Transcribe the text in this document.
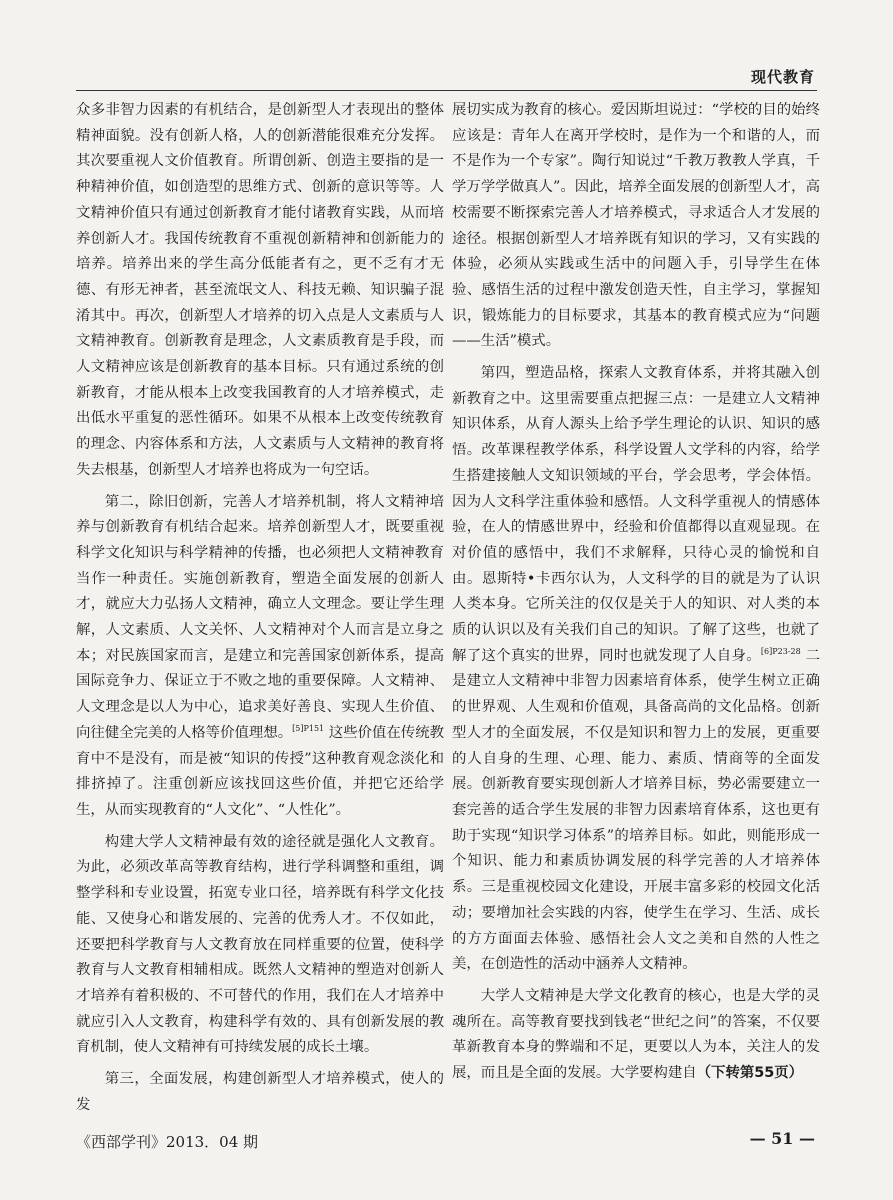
现代教育

众多非智力因素的有机结合，是创新型人才表现出的整体精神面貌。没有创新人格，人的创新潜能很难充分发挥。其次要重视人文价值教育。所谓创新、创造主要指的是一种精神价值，如创造型的思维方式、创新的意识等等。人文精神价值只有通过创新教育才能付诸教育实践，从而培养创新人才。我国传统教育不重视创新精神和创新能力的培养。培养出来的学生高分低能者有之，更不乏有才无德、有形无神者，甚至流氓文人、科技无赖、知识骗子混淆其中。再次，创新型人才培养的切入点是人文素质与人文精神教育。创新教育是理念，人文素质教育是手段，而人文精神应该是创新教育的基本目标。只有通过系统的创新教育，才能从根本上改变我国教育的人才培养模式，走出低水平重复的恶性循环。如果不从根本上改变传统教育的理念、内容体系和方法，人文素质与人文精神的教育将失去根基，创新型人才培养也将成为一句空话。

第二，除旧创新，完善人才培养机制，将人文精神培养与创新教育有机结合起来。培养创新型人才，既要重视科学文化知识与科学精神的传播，也必须把人文精神教育当作一种责任。实施创新教育，塑造全面发展的创新人才，就应大力弘扬人文精神，确立人文理念。要让学生理解，人文素质、人文关怀、人文精神对个人而言是立身之本；对民族国家而言，是建立和完善国家创新体系，提高国际竞争力、保证立于不败之地的重要保障。人文精神、人文理念是以人为中心，追求美好善良、实现人生价值、向往健全完美的人格等价值理想。$^{[5]P151}$ 这些价值在传统教育中不是没有，而是被“知识的传授”这种教育观念淡化和排挤掉了。注重创新应该找回这些价值，并把它还给学生，从而实现教育的“人文化”、“人性化”。

构建大学人文精神最有效的途径就是强化人文教育。为此，必须改革高等教育结构，进行学科调整和重组，调整学科和专业设置，拓宽专业口径，培养既有科学文化技能、又使身心和谐发展的、完善的优秀人才。不仅如此，还要把科学教育与人文教育放在同样重要的位置，使科学教育与人文教育相辅相成。既然人文精神的塑造对创新人才培养有着积极的、不可替代的作用，我们在人才培养中就应引入人文教育，构建科学有效的、具有创新发展的教育机制，使人文精神有可持续发展的成长土壤。

第三，全面发展，构建创新型人才培养模式，使人的发

展切实成为教育的核心。爱因斯坦说过：“学校的目的始终应该是：青年人在离开学校时，是作为一个和谐的人，而不是作为一个专家”。陶行知说过“千教万教教人学真，千学万学学做真人”。因此，培养全面发展的创新型人才，高校需要不断探索完善人才培养模式，寻求适合人才发展的途径。根据创新型人才培养既有知识的学习，又有实践的体验，必须从实践或生活中的问题入手，引导学生在体验、感悟生活的过程中激发创造天性，自主学习，掌握知识，锻炼能力的目标要求，其基本的教育模式应为“问题——生活”模式。

第四，塑造品格，探索人文教育体系，并将其融入创新教育之中。这里需要重点把握三点：一是建立人文精神知识体系，从育人源头上给予学生理论的认识、知识的感悟。改革课程教学体系，科学设置人文学科的内容，给学生搭建接触人文知识领域的平台，学会思考，学会体悟。因为人文科学注重体验和感悟。人文科学重视人的情感体验，在人的情感世界中，经验和价值都得以直观显现。在对价值的感悟中，我们不求解释，只待心灵的愉悦和自由。恩斯特•卡西尔认为，人文科学的目的就是为了认识人类本身。它所关注的仅仅是关于人的知识、对人类的本质的认识以及有关我们自己的知识。了解了这些，也就了解了这个真实的世界，同时也就发现了人自身。$^{[6]P23-28}$ 二是建立人文精神中非智力因素培育体系，使学生树立正确的世界观、人生观和价值观，具备高尚的文化品格。创新型人才的全面发展，不仅是知识和智力上的发展，更重要的人自身的生理、心理、能力、素质、情商等的全面发展。创新教育要实现创新人才培养目标，势必需要建立一套完善的适合学生发展的非智力因素培育体系，这也更有助于实现“知识学习体系”的培养目标。如此，则能形成一个知识、能力和素质协调发展的科学完善的人才培养体系。三是重视校园文化建设，开展丰富多彩的校园文化活动；要增加社会实践的内容，使学生在学习、生活、成长的方方面面去体验、感悟社会人文之美和自然的人性之美，在创造性的活动中涵养人文精神。

大学人文精神是大学文化教育的核心，也是大学的灵魂所在。高等教育要找到钱老“世纪之问”的答案，不仅要革新教育本身的弊端和不足，更要以人为本，关注人的发展，而且是全面的发展。大学要构建自（下转第55页）

《西部学刊》2013．04 期	— 51 —
